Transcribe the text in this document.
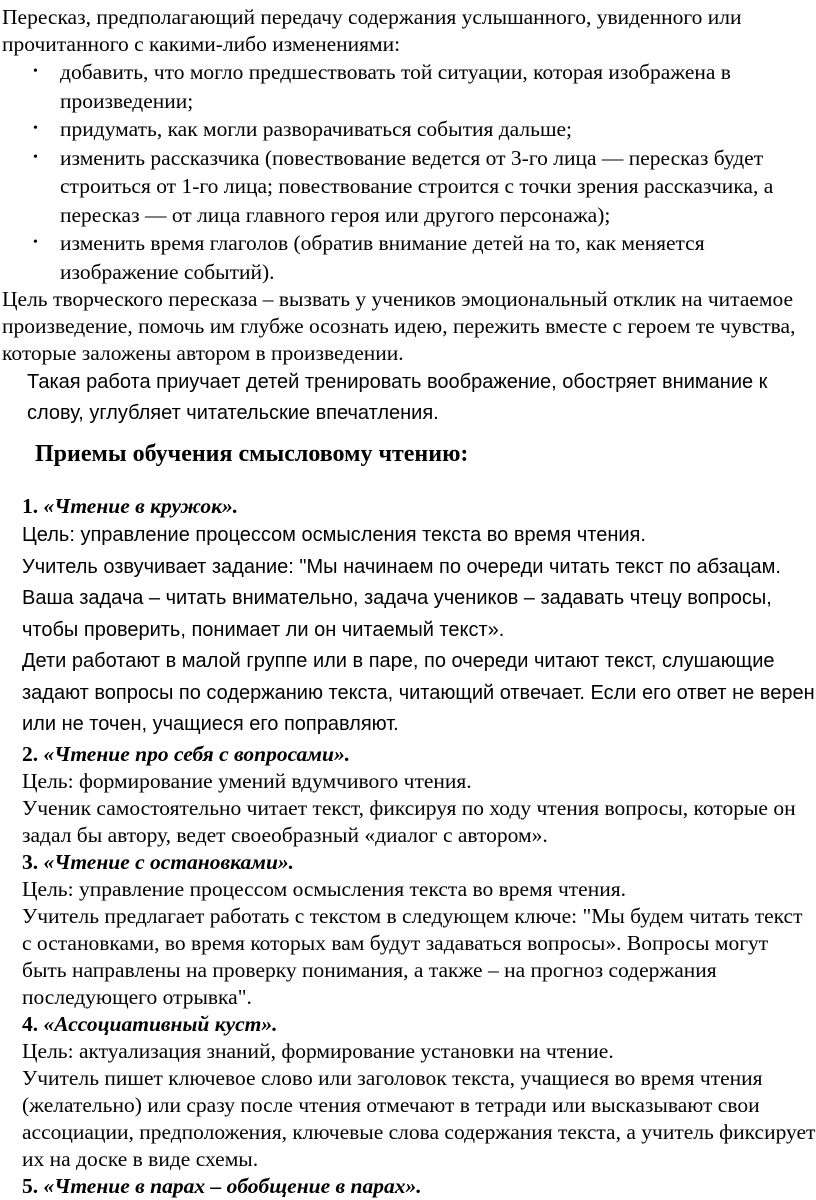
Пересказ, предполагающий передачу содержания услышанного, увиденного или прочитанного с какими-либо изменениями:

• добавить, что могло предшествовать той ситуации, которая изображена в произведении;
• придумать, как могли разворачиваться события дальше;
• изменить рассказчика (повествование ведется от 3-го лица — пересказ будет строиться от 1-го лица; повествование строится с точки зрения рассказчика, а пересказ — от лица главного героя или другого персонажа);
• изменить время глаголов (обратив внимание детей на то, как меняется изображение событий).

Цель творческого пересказа – вызвать у учеников эмоциональный отклик на читаемое произведение, помочь им глубже осознать идею, пережить вместе с героем те чувства, которые заложены автором в произведении.

Такая работа приучает детей тренировать воображение, обостряет внимание к слову, углубляет читательские впечатления.

Приемы обучения смысловому чтению:

1. «Чтение в кружок».

Цель: управление процессом осмысления текста во время чтения.

Учитель озвучивает задание: "Мы начинаем по очереди читать текст по абзацам. Ваша задача – читать внимательно, задача учеников – задавать чтецу вопросы, чтобы проверить, понимает ли он читаемый текст».

Дети работают в малой группе или в паре, по очереди читают текст, слушающие задают вопросы по содержанию текста, читающий отвечает. Если его ответ не верен или не точен, учащиеся его поправляют.

2. «Чтение про себя с вопросами».

Цель: формирование умений вдумчивого чтения.

Ученик самостоятельно читает текст, фиксируя по ходу чтения вопросы, которые он задал бы автору, ведет своеобразный «диалог с автором».

3. «Чтение с остановками».

Цель: управление процессом осмысления текста во время чтения.

Учитель предлагает работать с текстом в следующем ключе: "Мы будем читать текст с остановками, во время которых вам будут задаваться вопросы». Вопросы могут быть направлены на проверку понимания, а также – на прогноз содержания последующего отрывка".

4. «Ассоциативный куст».

Цель: актуализация знаний, формирование установки на чтение.

Учитель пишет ключевое слово или заголовок текста, учащиеся во время чтения (желательно) или сразу после чтения отмечают в тетради или высказывают свои ассоциации, предположения, ключевые слова содержания текста, а учитель фиксирует их на доске в виде схемы.

5. «Чтение в парах – обобщение в парах».
